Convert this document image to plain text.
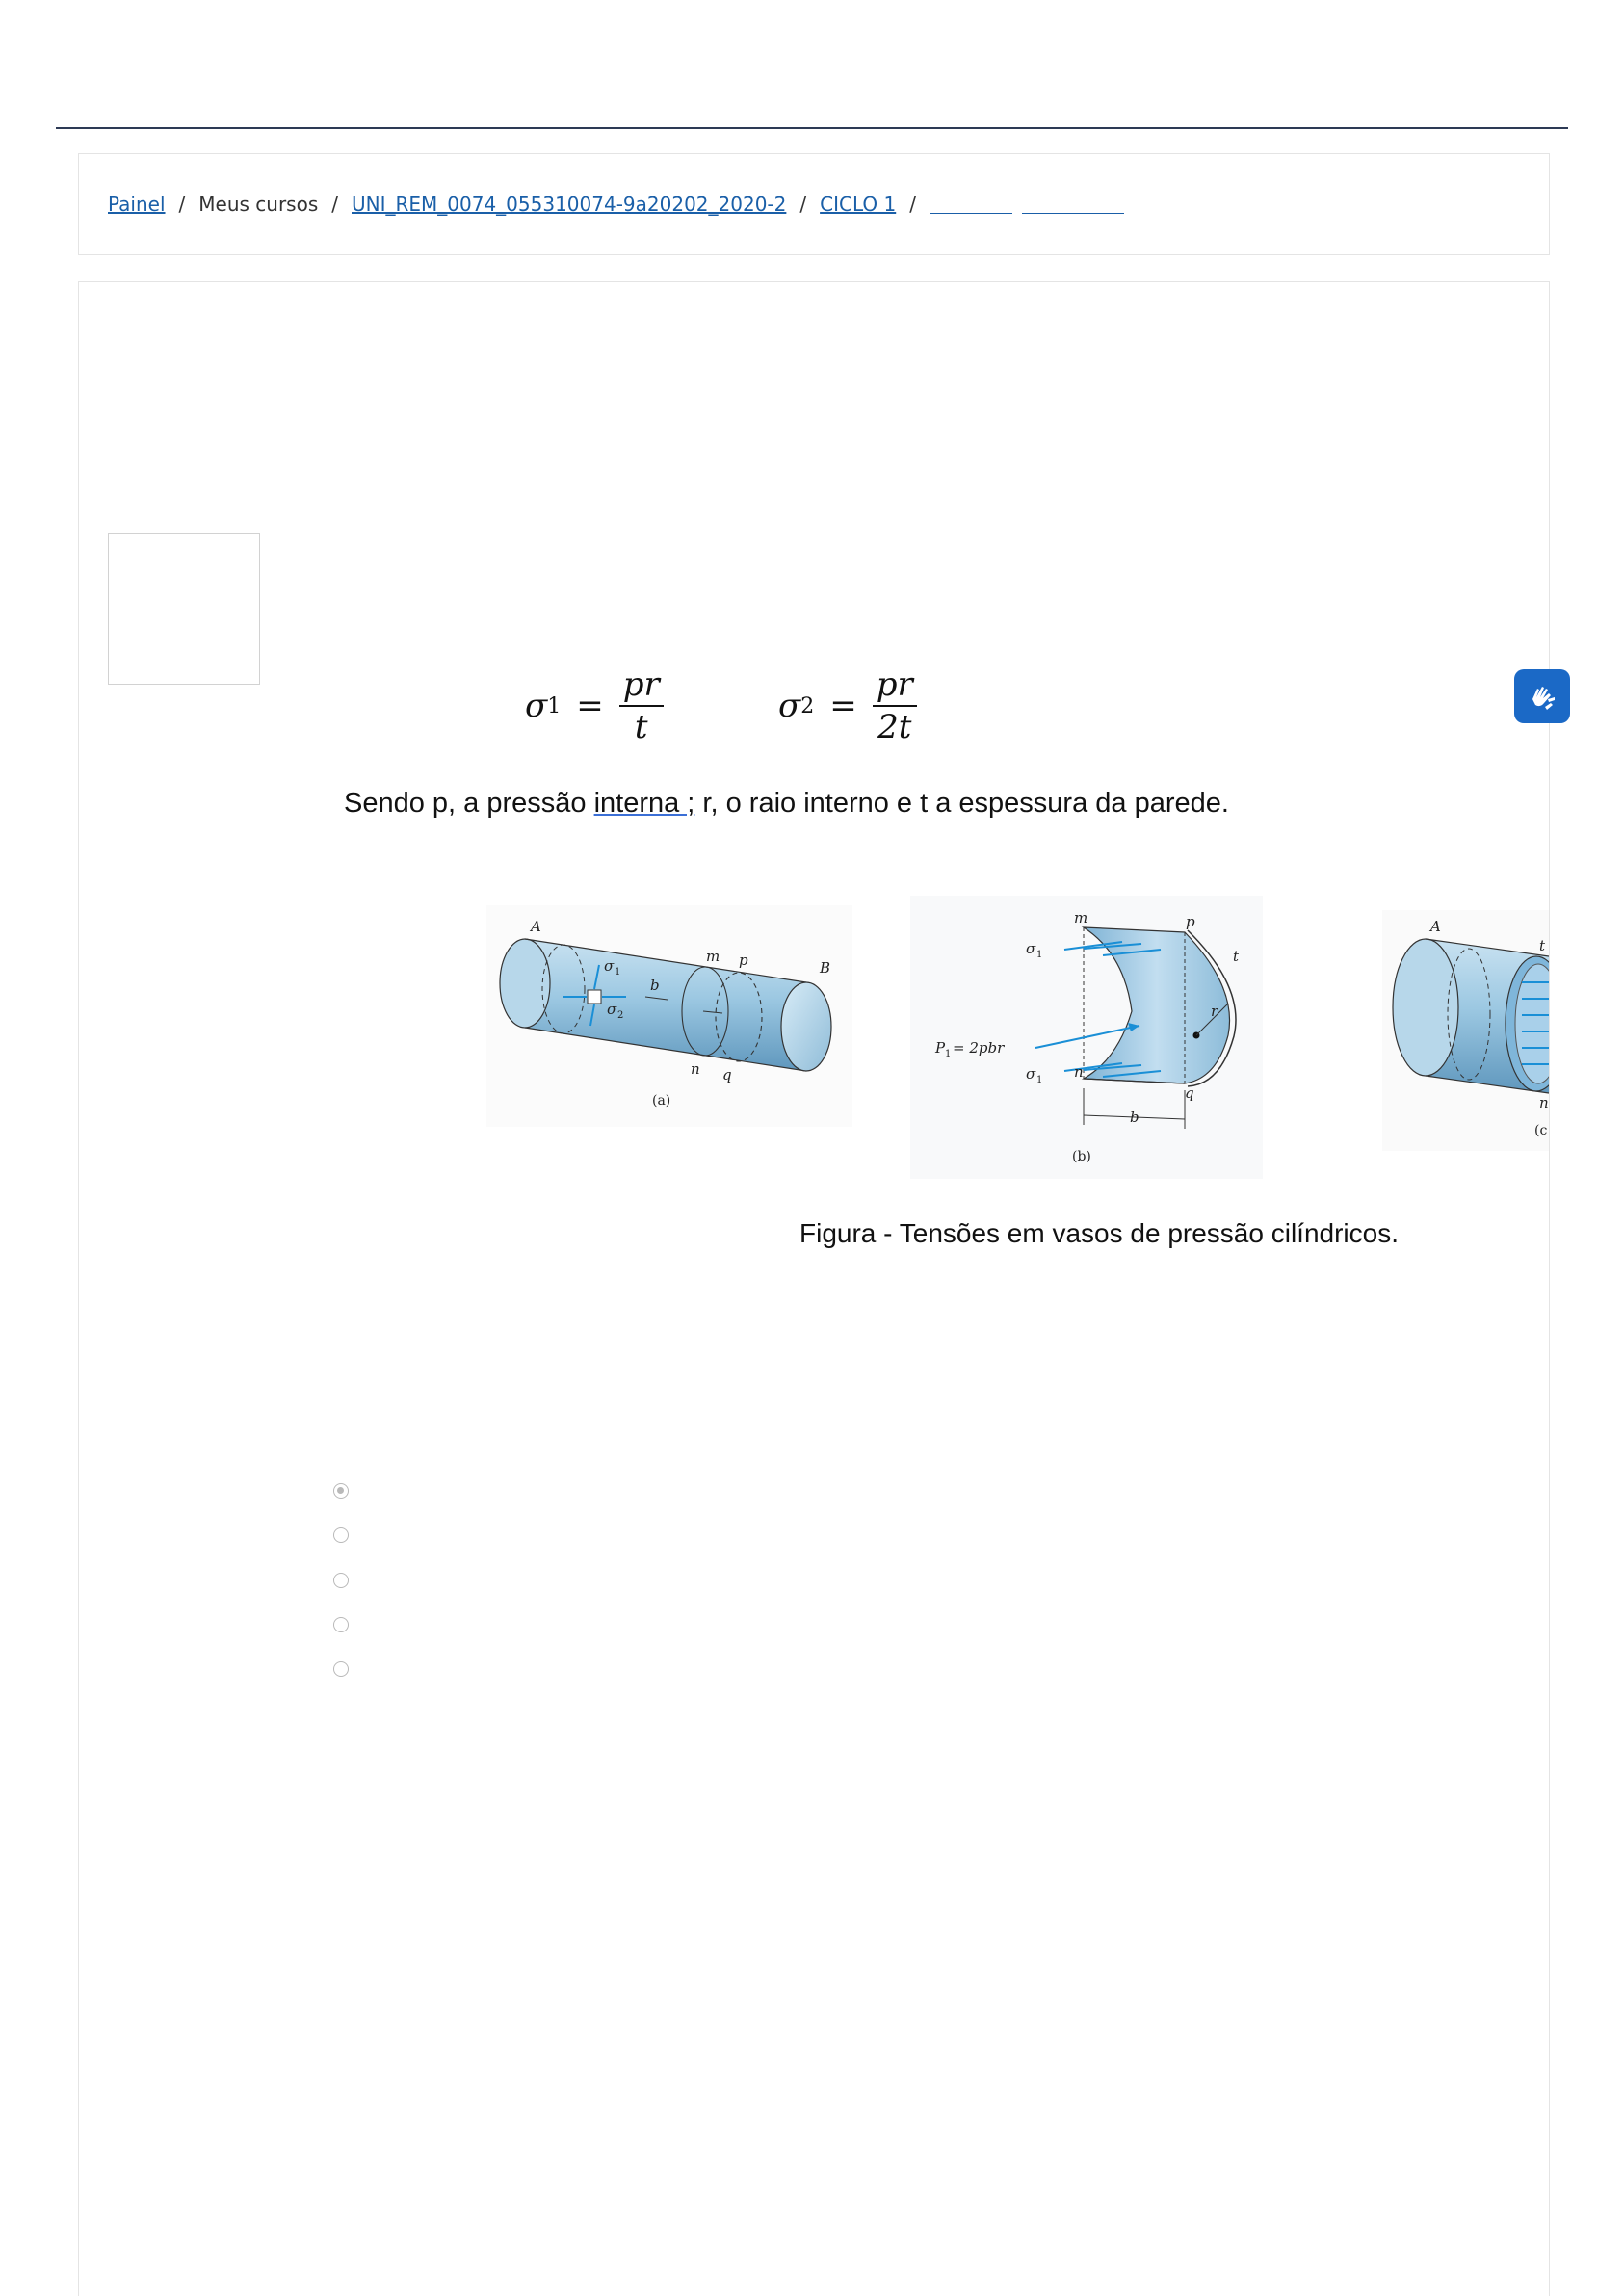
Painel / Meus cursos / UNI_REM_0074_055310074-9a20202_2020-2 / CICLO 1 /
σ $1 = \frac{pr}{t}$	σ $2 = \frac{pr}{2t}$
Sendo p, a pressão interna ; r, o raio interno e t a espessura da parede.
A
B
m p
n q
b
σ 1
σ 2
(a)
m	p
n
q
t
r
b
σ 1
σ 1
P 1 = 2pbr
(b)
A
t
n
(c
Figura - Tensões em vasos de pressão cilíndricos.
